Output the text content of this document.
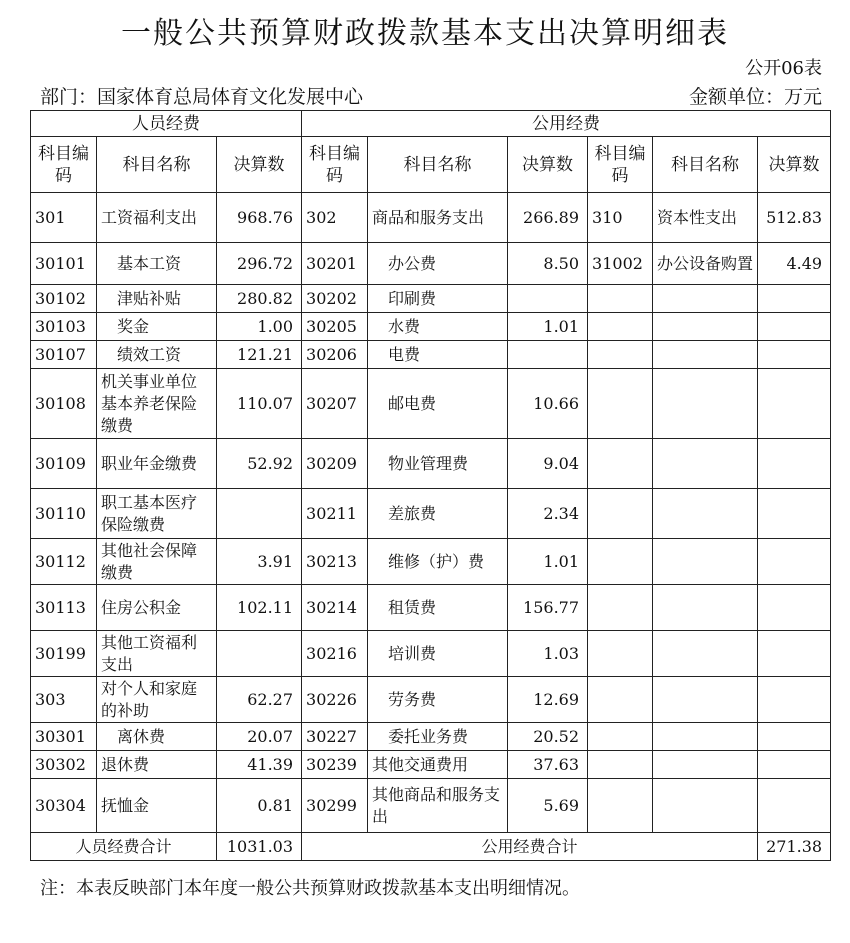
一般公共预算财政拨款基本支出决算明细表
公开06表
部门：国家体育总局体育文化发展中心	金额单位：万元
人员经费			公用经费					
科目编码	科目名称	决算数	科目编码	科目名称	决算数	科目编码	科目名称	决算数
301	工资福利支出	968.76	302	商品和服务支出	266.89	310	资本性支出	512.83
30101	基本工资	296.72	30201	办公费	8.50	31002	办公设备购置	4.49
30102	津贴补贴	280.82	30202	印刷费				
30103	奖金	1.00	30205	水费	1.01			
30107	绩效工资	121.21	30206	电费				
30108	机关事业单位基本养老保险缴费	110.07	30207	邮电费	10.66			
30109	职业年金缴费	52.92	30209	物业管理费	9.04			
30110	职工基本医疗保险缴费		30211	差旅费	2.34			
30112	其他社会保障缴费	3.91	30213	维修（护）费	1.01			
30113	住房公积金	102.11	30214	租赁费	156.77			
30199	其他工资福利支出		30216	培训费	1.03			
303	对个人和家庭的补助	62.27	30226	劳务费	12.69			
30301	离休费	20.07	30227	委托业务费	20.52			
30302	退休费	41.39	30239	其他交通费用	37.63			
30304	抚恤金	0.81	30299	其他商品和服务支出	5.69			
人员经费合计		1031.03	公用经费合计					271.38
注：本表反映部门本年度一般公共预算财政拨款基本支出明细情况。
